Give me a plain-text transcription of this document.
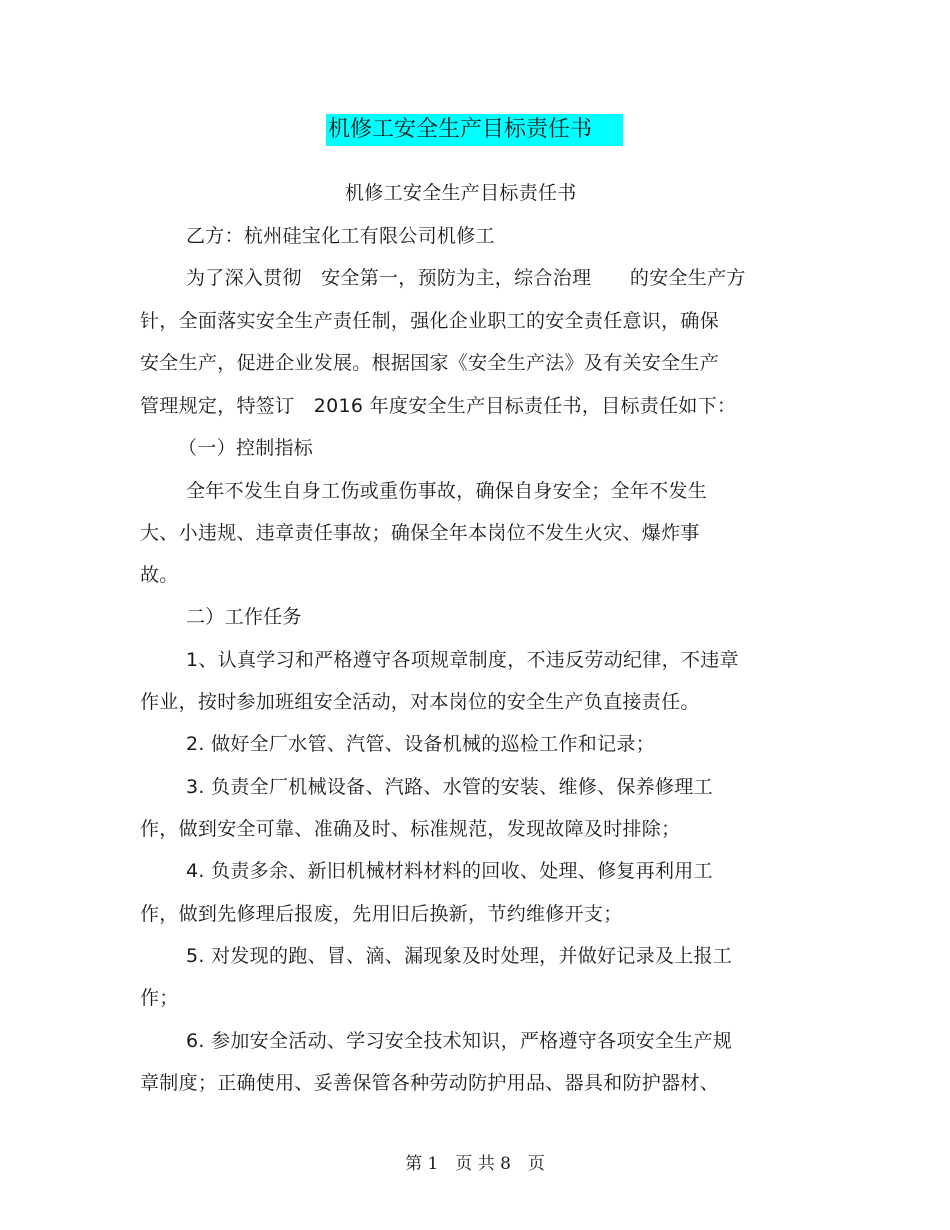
机修工安全生产目标责任书
机修工安全生产目标责任书
乙方：杭州硅宝化工有限公司机修工
为了深入贯彻　安全第一，预防为主，综合治理　　的安全生产方
针，全面落实安全生产责任制，强化企业职工的安全责任意识，确保
安全生产，促进企业发展。根据国家《安全生产法》及有关安全生产
管理规定，特签订　2016 年度安全生产目标责任书，目标责任如下：
（一）控制指标
全年不发生自身工伤或重伤事故，确保自身安全；全年不发生
大、小违规、违章责任事故；确保全年本岗位不发生火灾、爆炸事
故。
二）工作任务
1、认真学习和严格遵守各项规章制度，不违反劳动纪律，不违章
作业，按时参加班组安全活动，对本岗位的安全生产负直接责任。
2. 做好全厂水管、汽管、设备机械的巡检工作和记录；
3. 负责全厂机械设备、汽路、水管的安装、维修、保养修理工
作，做到安全可靠、准确及时、标准规范，发现故障及时排除；
4. 负责多余、新旧机械材料材料的回收、处理、修复再利用工
作，做到先修理后报废，先用旧后换新，节约维修开支；
5. 对发现的跑、冒、滴、漏现象及时处理，并做好记录及上报工
作；
6. 参加安全活动、学习安全技术知识，严格遵守各项安全生产规
章制度；正确使用、妥善保管各种劳动防护用品、器具和防护器材、
第 1　页 共 8　页
